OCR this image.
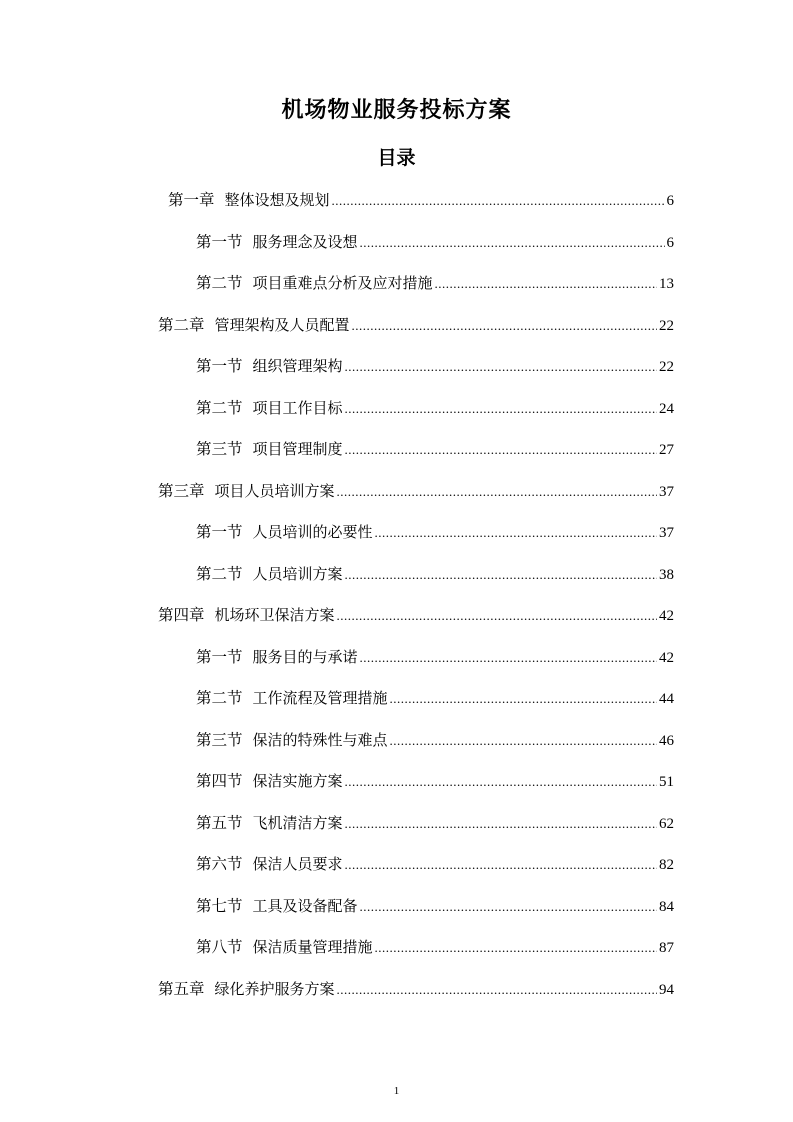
机场物业服务投标方案
目录
第一章 整体设想及规划 .....	6
第一节 服务理念及设想 .....	6
第二节 项目重难点分析及应对措施 .....	13
第二章 管理架构及人员配置 .....	22
第一节 组织管理架构 .....	22
第二节 项目工作目标 .....	24
第三节 项目管理制度 .....	27
第三章 项目人员培训方案 .....	37
第一节 人员培训的必要性 .....	37
第二节 人员培训方案 .....	38
第四章 机场环卫保洁方案 .....	42
第一节 服务目的与承诺 .....	42
第二节 工作流程及管理措施 .....	44
第三节 保洁的特殊性与难点 .....	46
第四节 保洁实施方案 .....	51
第五节 飞机清洁方案 .....	62
第六节 保洁人员要求 .....	82
第七节 工具及设备配备 .....	84
第八节 保洁质量管理措施 .....	87
第五章 绿化养护服务方案 .....	94
1
